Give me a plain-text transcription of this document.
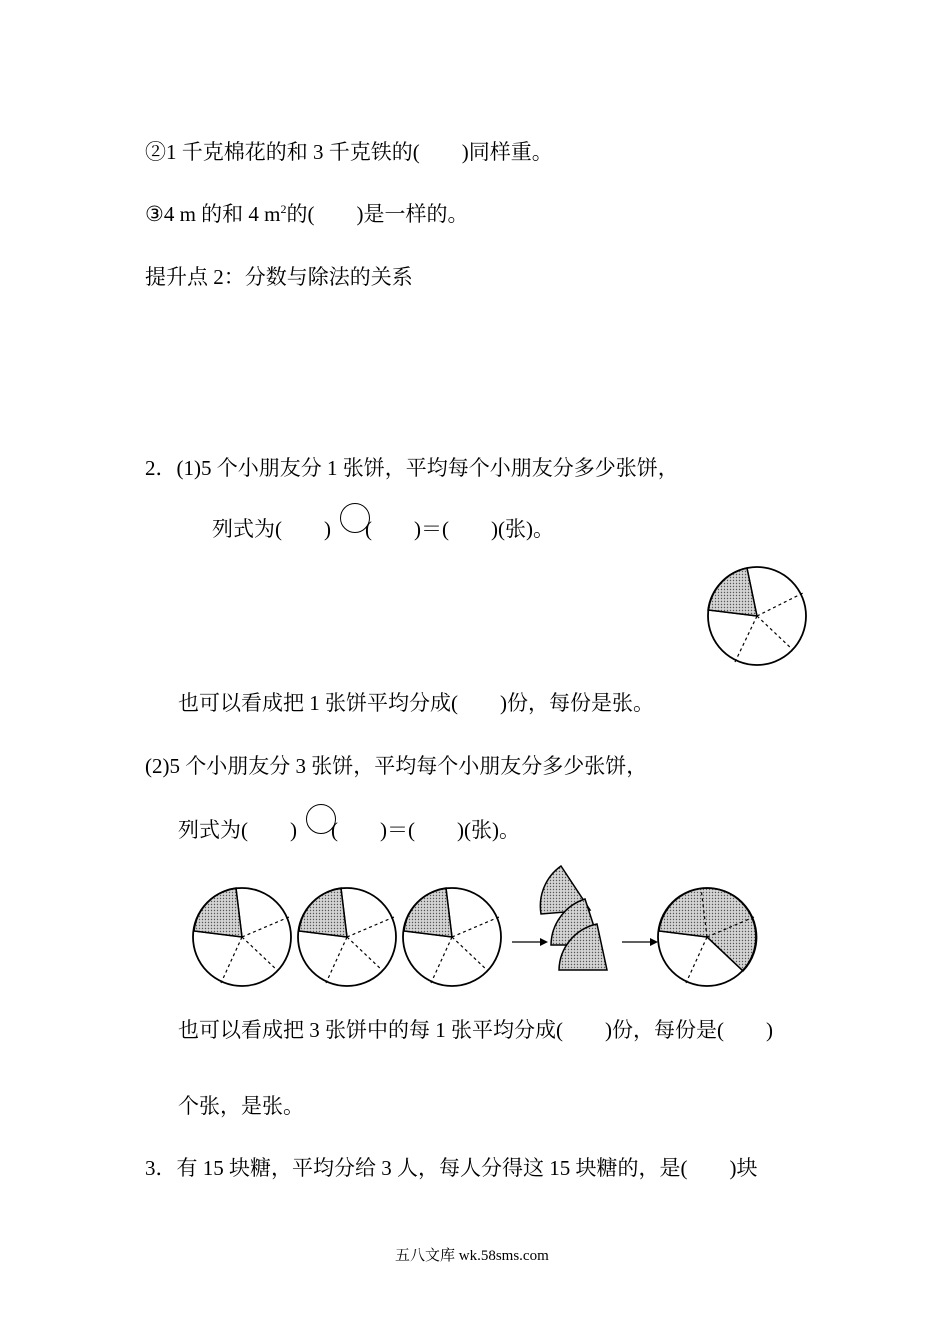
②1 千克棉花的和 3 千克铁的(　　)同样重。
③4 m 的和 4 $m^2$的(　　)是一样的。
提升点 2：分数与除法的关系
2．(1)5 个小朋友分 1 张饼，平均每个小朋友分多少张饼，
列式为(　　) (　　)＝(　　)(张)。
也可以看成把 1 张饼平均分成(　　)份，每份是张。
(2)5 个小朋友分 3 张饼，平均每个小朋友分多少张饼，
列式为(　　) (　　)＝(　　)(张)。
也可以看成把 3 张饼中的每 1 张平均分成(　　)份，每份是(　　)
个张，是张。
3．有 15 块糖，平均分给 3 人，每人分得这 15 块糖的，是(　　)块
五八文库 wk.58sms.com
